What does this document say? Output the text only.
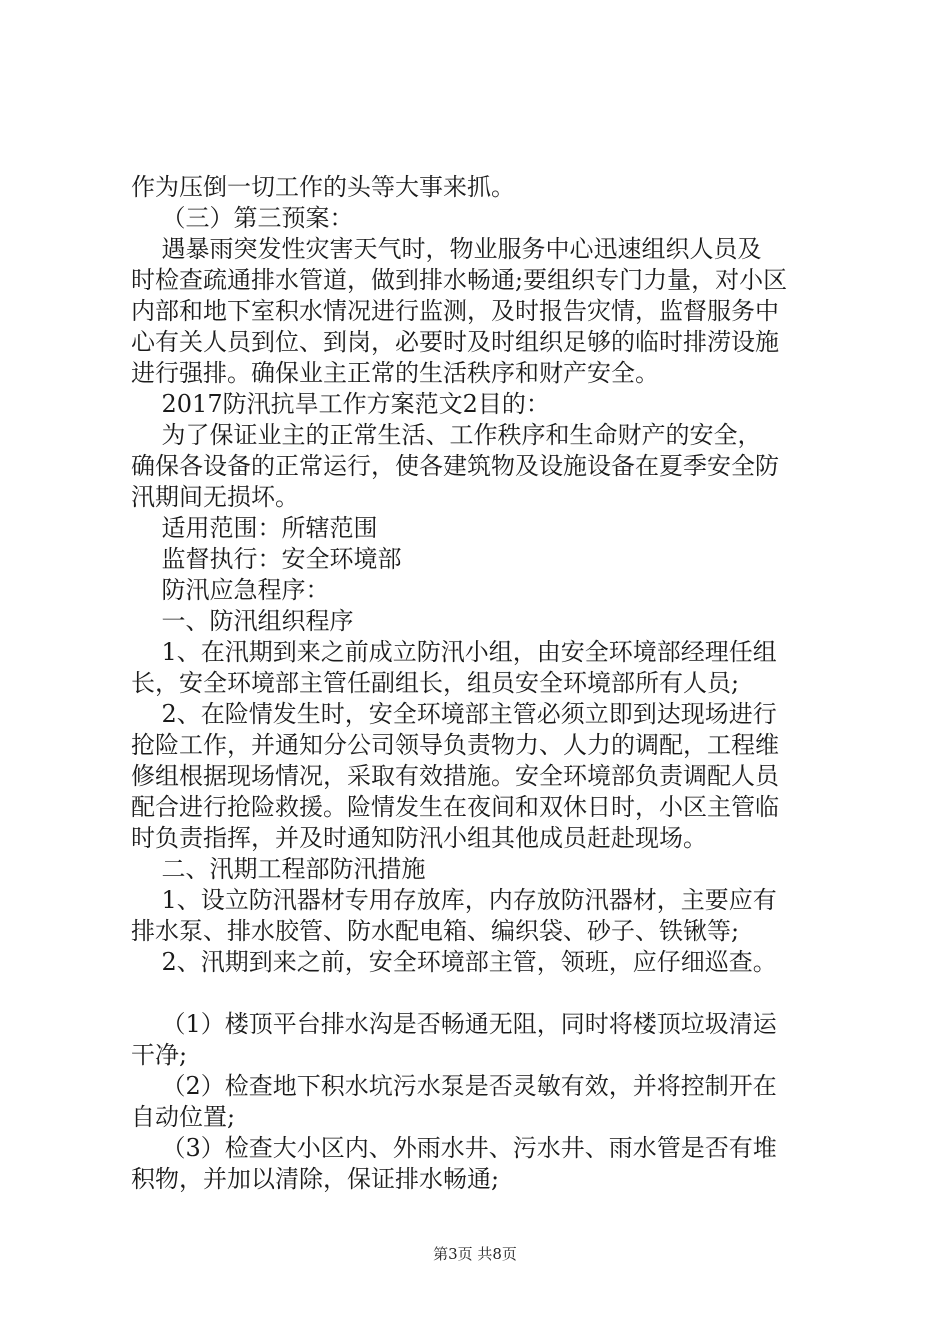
作为压倒一切工作的头等大事来抓。

（三）第三预案：

遇暴雨突发性灾害天气时，物业服务中心迅速组织人员及

时检查疏通排水管道，做到排水畅通;要组织专门力量，对小区

内部和地下室积水情况进行监测，及时报告灾情，监督服务中

心有关人员到位、到岗，必要时及时组织足够的临时排涝设施

进行强排。确保业主正常的生活秩序和财产安全。

2017防汛抗旱工作方案范文2目的：

为了保证业主的正常生活、工作秩序和生命财产的安全，

确保各设备的正常运行，使各建筑物及设施设备在夏季安全防

汛期间无损坏。

适用范围：所辖范围

监督执行：安全环境部

防汛应急程序：

一、防汛组织程序

1、在汛期到来之前成立防汛小组，由安全环境部经理任组

长，安全环境部主管任副组长，组员安全环境部所有人员;

2、在险情发生时，安全环境部主管必须立即到达现场进行

抢险工作，并通知分公司领导负责物力、人力的调配，工程维

修组根据现场情况，采取有效措施。安全环境部负责调配人员

配合进行抢险救援。险情发生在夜间和双休日时，小区主管临

时负责指挥，并及时通知防汛小组其他成员赶赴现场。

二、汛期工程部防汛措施

1、设立防汛器材专用存放库，内存放防汛器材，主要应有

排水泵、排水胶管、防水配电箱、编织袋、砂子、铁锹等;

2、汛期到来之前，安全环境部主管，领班，应仔细巡查。

（1）楼顶平台排水沟是否畅通无阻，同时将楼顶垃圾清运

干净;

（2）检查地下积水坑污水泵是否灵敏有效，并将控制开在

自动位置;

（3）检查大小区内、外雨水井、污水井、雨水管是否有堆

积物，并加以清除，保证排水畅通;

第3页 共8页
